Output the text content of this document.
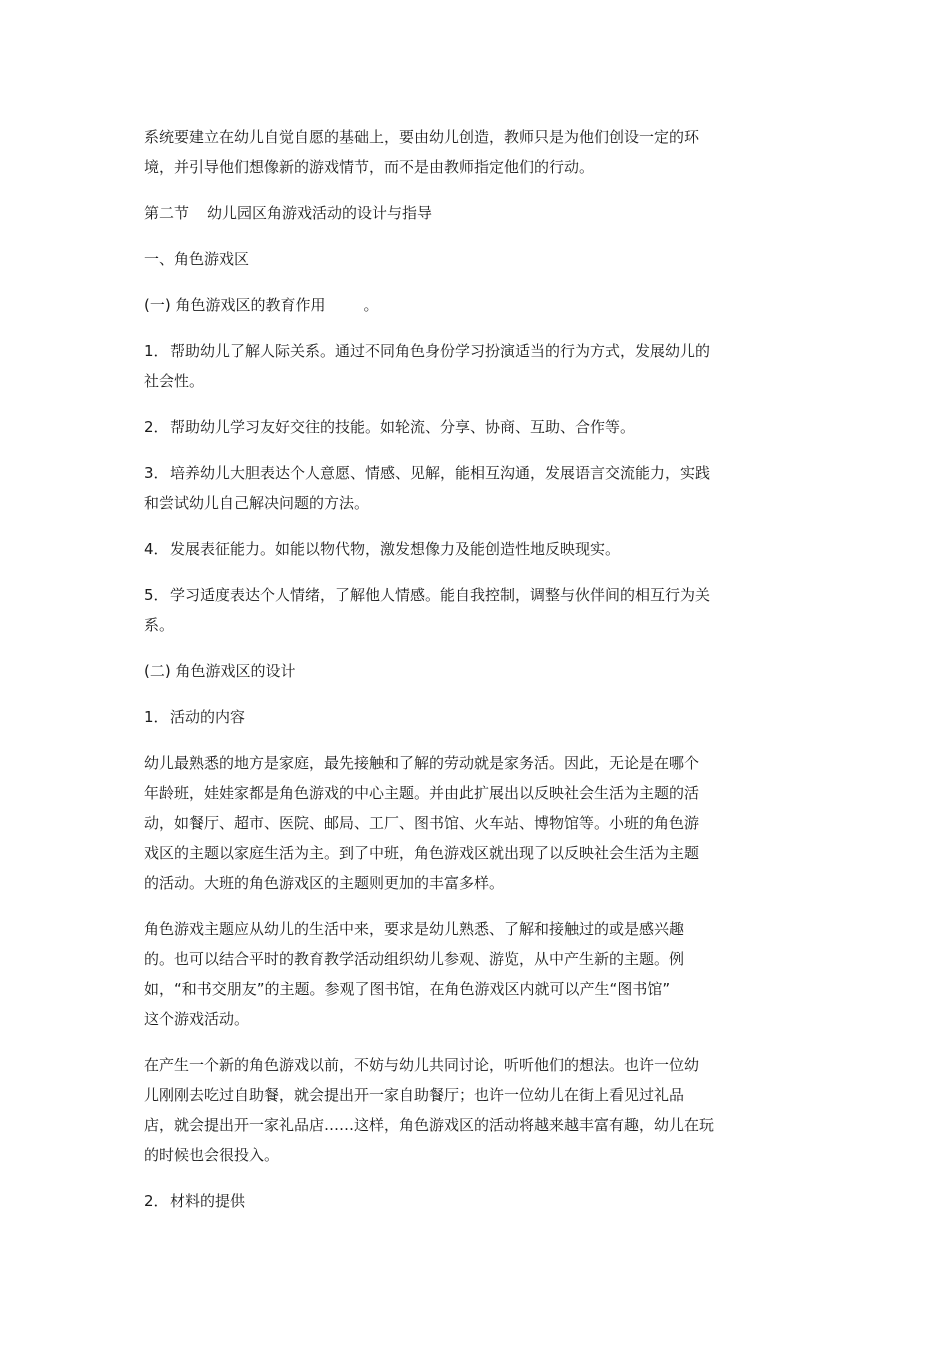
系统要建立在幼儿自觉自愿的基础上，要由幼儿创造，教师只是为他们创设一定的环
境，并引导他们想像新的游戏情节，而不是由教师指定他们的行动。

第二节 幼儿园区角游戏活动的设计与指导

一、角色游戏区

(一) 角色游戏区的教育作用	。

1．帮助幼儿了解人际关系。通过不同角色身份学习扮演适当的行为方式，发展幼儿的
社会性。

2．帮助幼儿学习友好交往的技能。如轮流、分享、协商、互助、合作等。

3．培养幼儿大胆表达个人意愿、情感、见解，能相互沟通，发展语言交流能力，实践
和尝试幼儿自己解决问题的方法。

4．发展表征能力。如能以物代物，激发想像力及能创造性地反映现实。

5．学习适度表达个人情绪，了解他人情感。能自我控制，调整与伙伴间的相互行为关
系。

(二) 角色游戏区的设计

1．活动的内容

幼儿最熟悉的地方是家庭，最先接触和了解的劳动就是家务活。因此，无论是在哪个
年龄班，娃娃家都是角色游戏的中心主题。并由此扩展出以反映社会生活为主题的活
动，如餐厅、超市、医院、邮局、工厂、图书馆、火车站、博物馆等。小班的角色游
戏区的主题以家庭生活为主。到了中班，角色游戏区就出现了以反映社会生活为主题
的活动。大班的角色游戏区的主题则更加的丰富多样。

角色游戏主题应从幼儿的生活中来，要求是幼儿熟悉、了解和接触过的或是感兴趣
的。也可以结合平时的教育教学活动组织幼儿参观、游览，从中产生新的主题。例
如，“和书交朋友”的主题。参观了图书馆，在角色游戏区内就可以产生“图书馆”
这个游戏活动。

在产生一个新的角色游戏以前，不妨与幼儿共同讨论，听听他们的想法。也许一位幼
儿刚刚去吃过自助餐，就会提出开一家自助餐厅；也许一位幼儿在街上看见过礼品
店，就会提出开一家礼品店……这样，角色游戏区的活动将越来越丰富有趣，幼儿在玩
的时候也会很投入。

2．材料的提供
